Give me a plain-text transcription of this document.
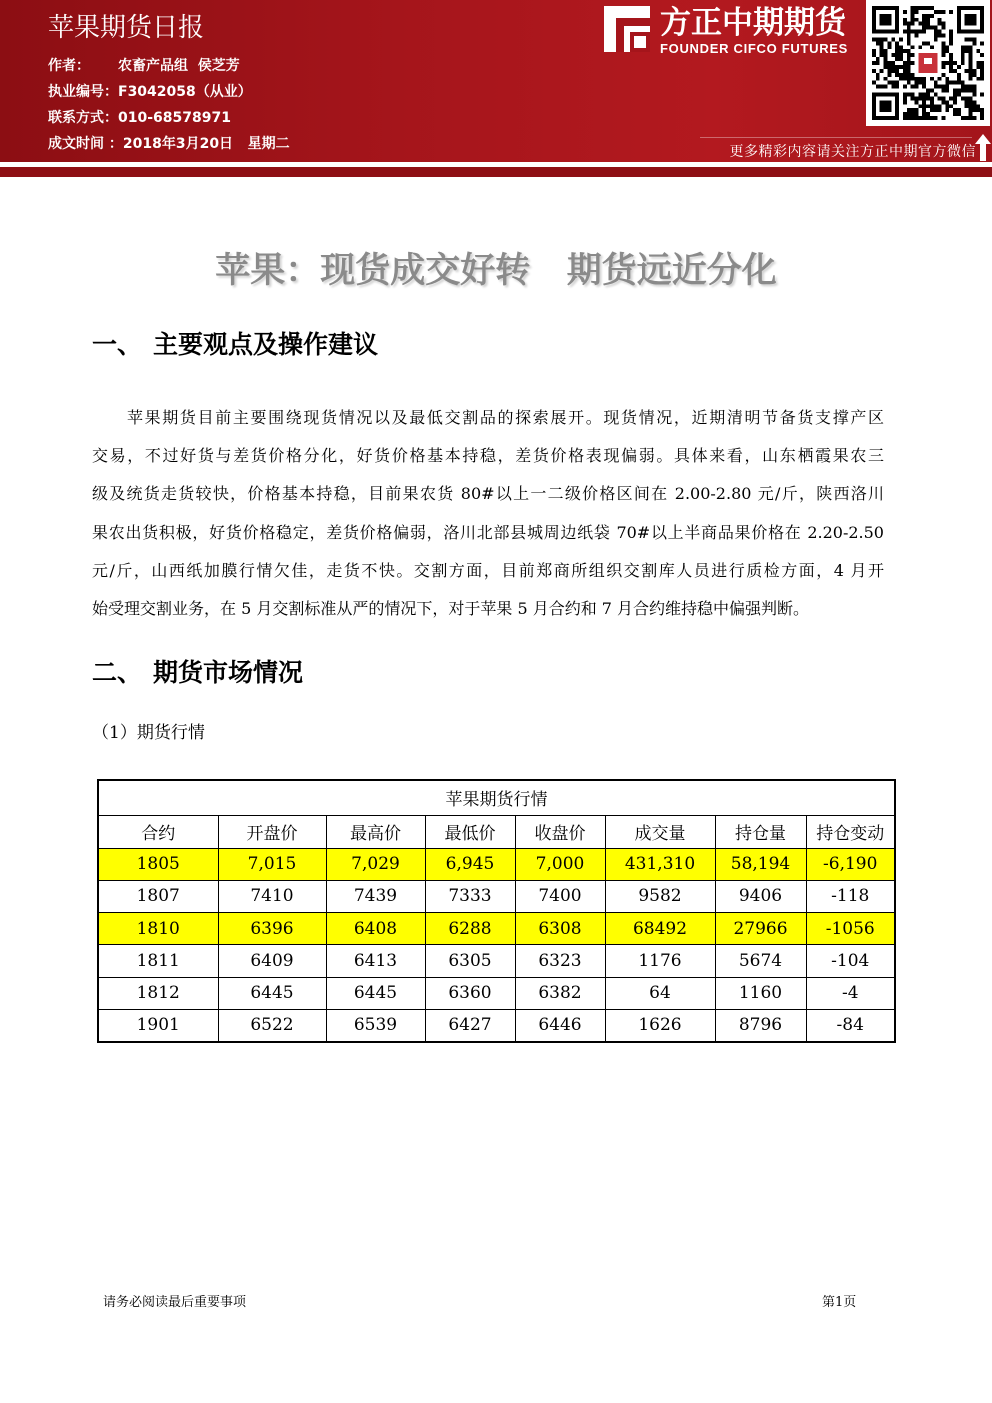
苹果期货日报
作者： 农畜产品组  侯芝芳
执业编号：F3042058（从业）
联系方式：010-68578971
成文时间 ：2018年3月20日   星期二
方正中期期货
FOUNDER CIFCO FUTURES
更多精彩内容请关注方正中期官方微信
苹果：现货成交好转   期货远近分化
一、 主要观点及操作建议
苹果期货目前主要围绕现货情况以及最低交割品的探索展开。现货情况，近期清明节备货支撑产区
交易，不过好货与差货价格分化，好货价格基本持稳，差货价格表现偏弱。具体来看，山东栖霞果农三
级及统货走货较快，价格基本持稳，目前果农货 80#以上一二级价格区间在 2.00-2.80 元/斤，陕西洛川
果农出货积极，好货价格稳定，差货价格偏弱，洛川北部县城周边纸袋 70#以上半商品果价格在 2.20-2.50
元/斤，山西纸加膜行情欠佳，走货不快。交割方面，目前郑商所组织交割库人员进行质检方面，4 月开
始受理交割业务，在 5 月交割标准从严的情况下，对于苹果 5 月合约和 7 月合约维持稳中偏强判断。
二、 期货市场情况
（1）期货行情
苹果期货行情							
合约	开盘价	最高价	最低价	收盘价	成交量	持仓量	持仓变动
1805	7,015	7,029	6,945	7,000	431,310	58,194	-6,190
1807	7410	7439	7333	7400	9582	9406	-118
1810	6396	6408	6288	6308	68492	27966	-1056
1811	6409	6413	6305	6323	1176	5674	-104
1812	6445	6445	6360	6382	64	1160	-4
1901	6522	6539	6427	6446	1626	8796	-84
请务必阅读最后重要事项	第1页
